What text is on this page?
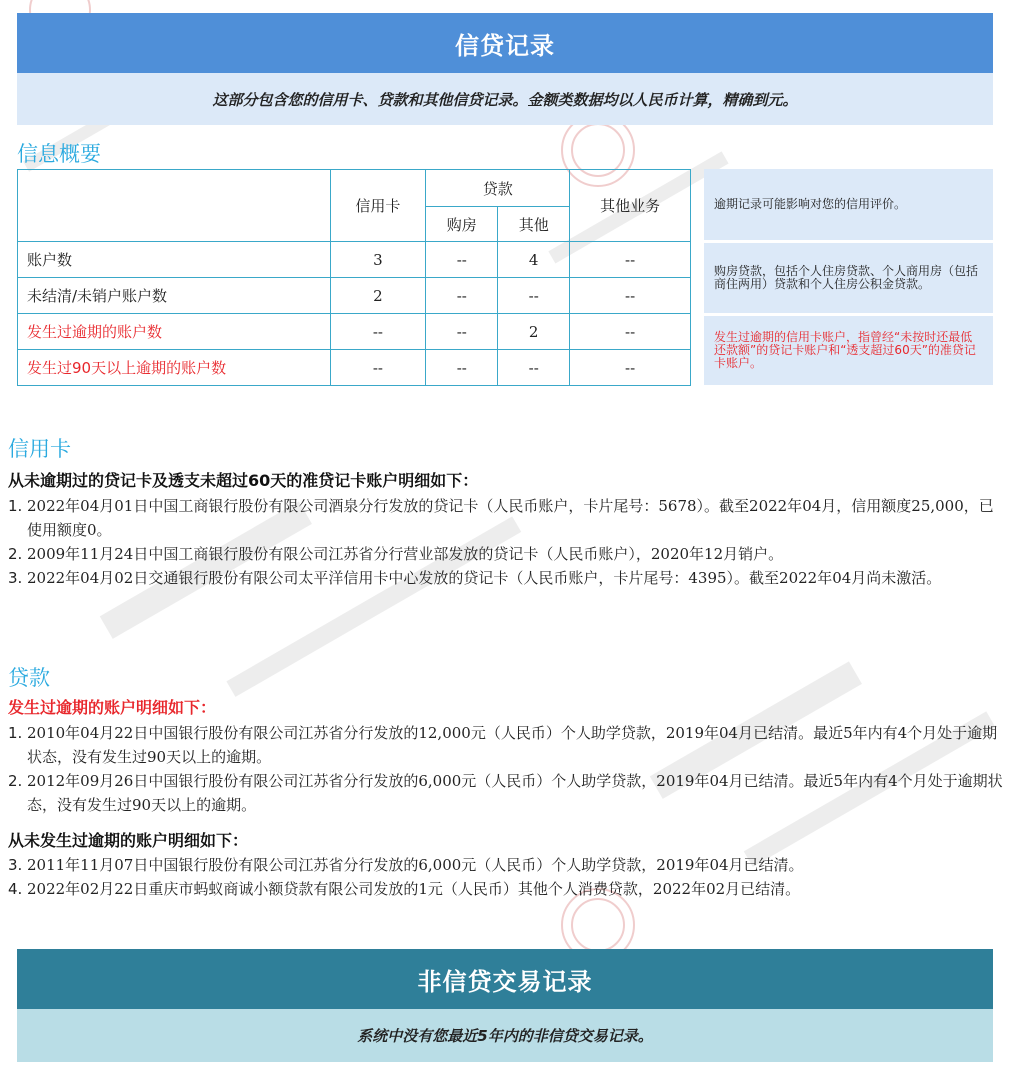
信贷记录
这部分包含您的信用卡、贷款和其他信贷记录。金额类数据均以人民币计算，精确到元。
信息概要
	信用卡	贷款		其他业务
		购房	其他	
账户数	3	--	4	--
未结清/未销户账户数	2	--	--	--
发生过逾期的账户数	--	--	2	--
发生过90天以上逾期的账户数	--	--	--	--
逾期记录可能影响对您的信用评价。
购房贷款，包括个人住房贷款、个人商用房（包括商住两用）贷款和个人住房公积金贷款。
发生过逾期的信用卡账户，指曾经“未按时还最低还款额”的贷记卡账户和“透支超过60天”的准贷记卡账户。
信用卡
从未逾期过的贷记卡及透支未超过60天的准贷记卡账户明细如下：
1. 2022年04月01日中国工商银行股份有限公司酒泉分行发放的贷记卡（人民币账户，卡片尾号：5678）。截至2022年04月，信用额度25,000，已使用额度0。
2. 2009年11月24日中国工商银行股份有限公司江苏省分行营业部发放的贷记卡（人民币账户），2020年12月销户。
3. 2022年04月02日交通银行股份有限公司太平洋信用卡中心发放的贷记卡（人民币账户，卡片尾号：4395）。截至2022年04月尚未激活。
贷款
发生过逾期的账户明细如下：
1. 2010年04月22日中国银行股份有限公司江苏省分行发放的12,000元（人民币）个人助学贷款，2019年04月已结清。最近5年内有4个月处于逾期状态，没有发生过90天以上的逾期。
2. 2012年09月26日中国银行股份有限公司江苏省分行发放的6,000元（人民币）个人助学贷款，2019年04月已结清。最近5年内有4个月处于逾期状态，没有发生过90天以上的逾期。
从未发生过逾期的账户明细如下：
3. 2011年11月07日中国银行股份有限公司江苏省分行发放的6,000元（人民币）个人助学贷款，2019年04月已结清。
4. 2022年02月22日重庆市蚂蚁商诚小额贷款有限公司发放的1元（人民币）其他个人消费贷款，2022年02月已结清。
非信贷交易记录
系统中没有您最近5年内的非信贷交易记录。
